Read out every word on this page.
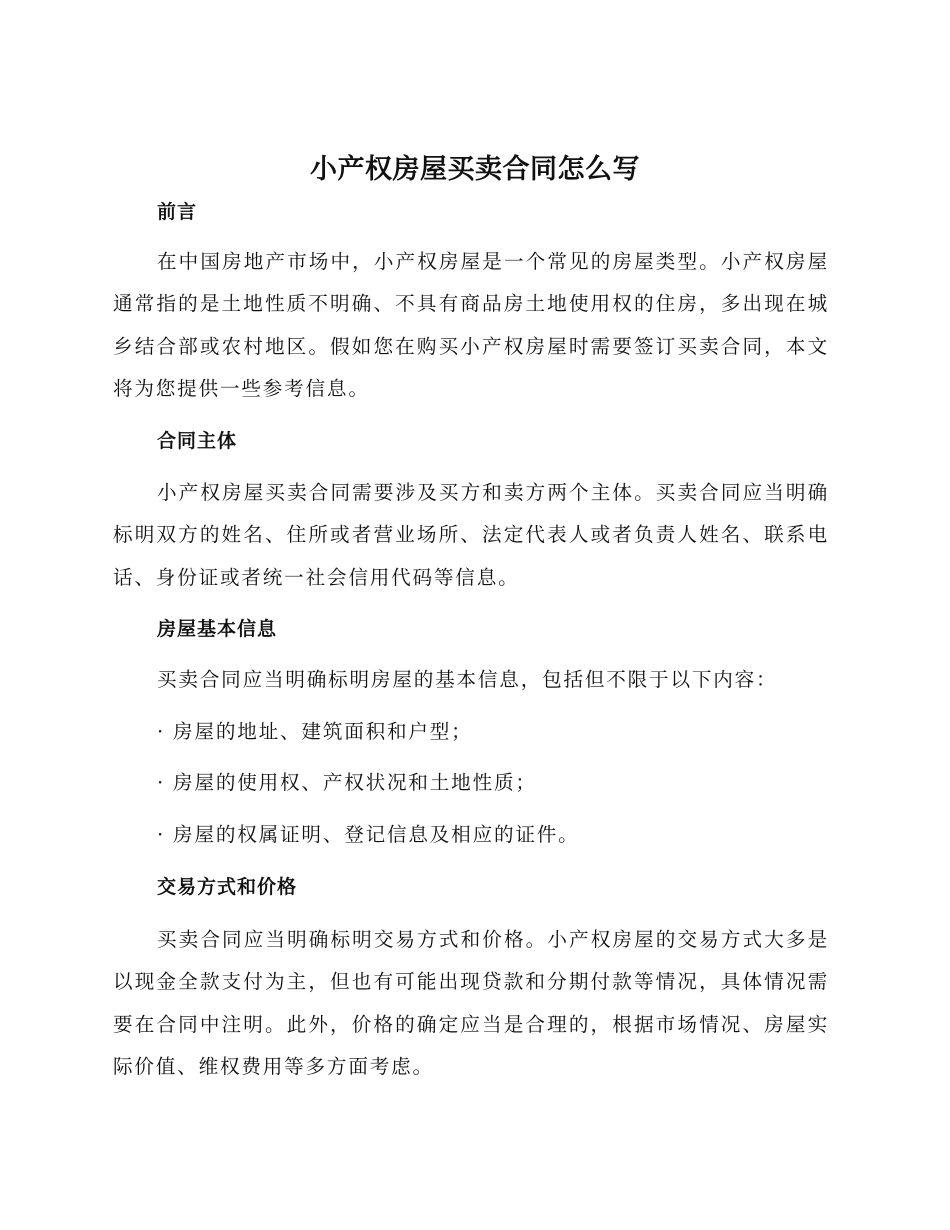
小产权房屋买卖合同怎么写
前言

在中国房地产市场中，小产权房屋是一个常见的房屋类型。小产权房屋通常指的是土地性质不明确、不具有商品房土地使用权的住房，多出现在城乡结合部或农村地区。假如您在购买小产权房屋时需要签订买卖合同，本文将为您提供一些参考信息。

合同主体

小产权房屋买卖合同需要涉及买方和卖方两个主体。买卖合同应当明确标明双方的姓名、住所或者营业场所、法定代表人或者负责人姓名、联系电话、身份证或者统一社会信用代码等信息。

房屋基本信息

买卖合同应当明确标明房屋的基本信息，包括但不限于以下内容：

· 房屋的地址、建筑面积和户型；
· 房屋的使用权、产权状况和土地性质；
· 房屋的权属证明、登记信息及相应的证件。
交易方式和价格

买卖合同应当明确标明交易方式和价格。小产权房屋的交易方式大多是以现金全款支付为主，但也有可能出现贷款和分期付款等情况，具体情况需要在合同中注明。此外，价格的确定应当是合理的，根据市场情况、房屋实际价值、维权费用等多方面考虑。
